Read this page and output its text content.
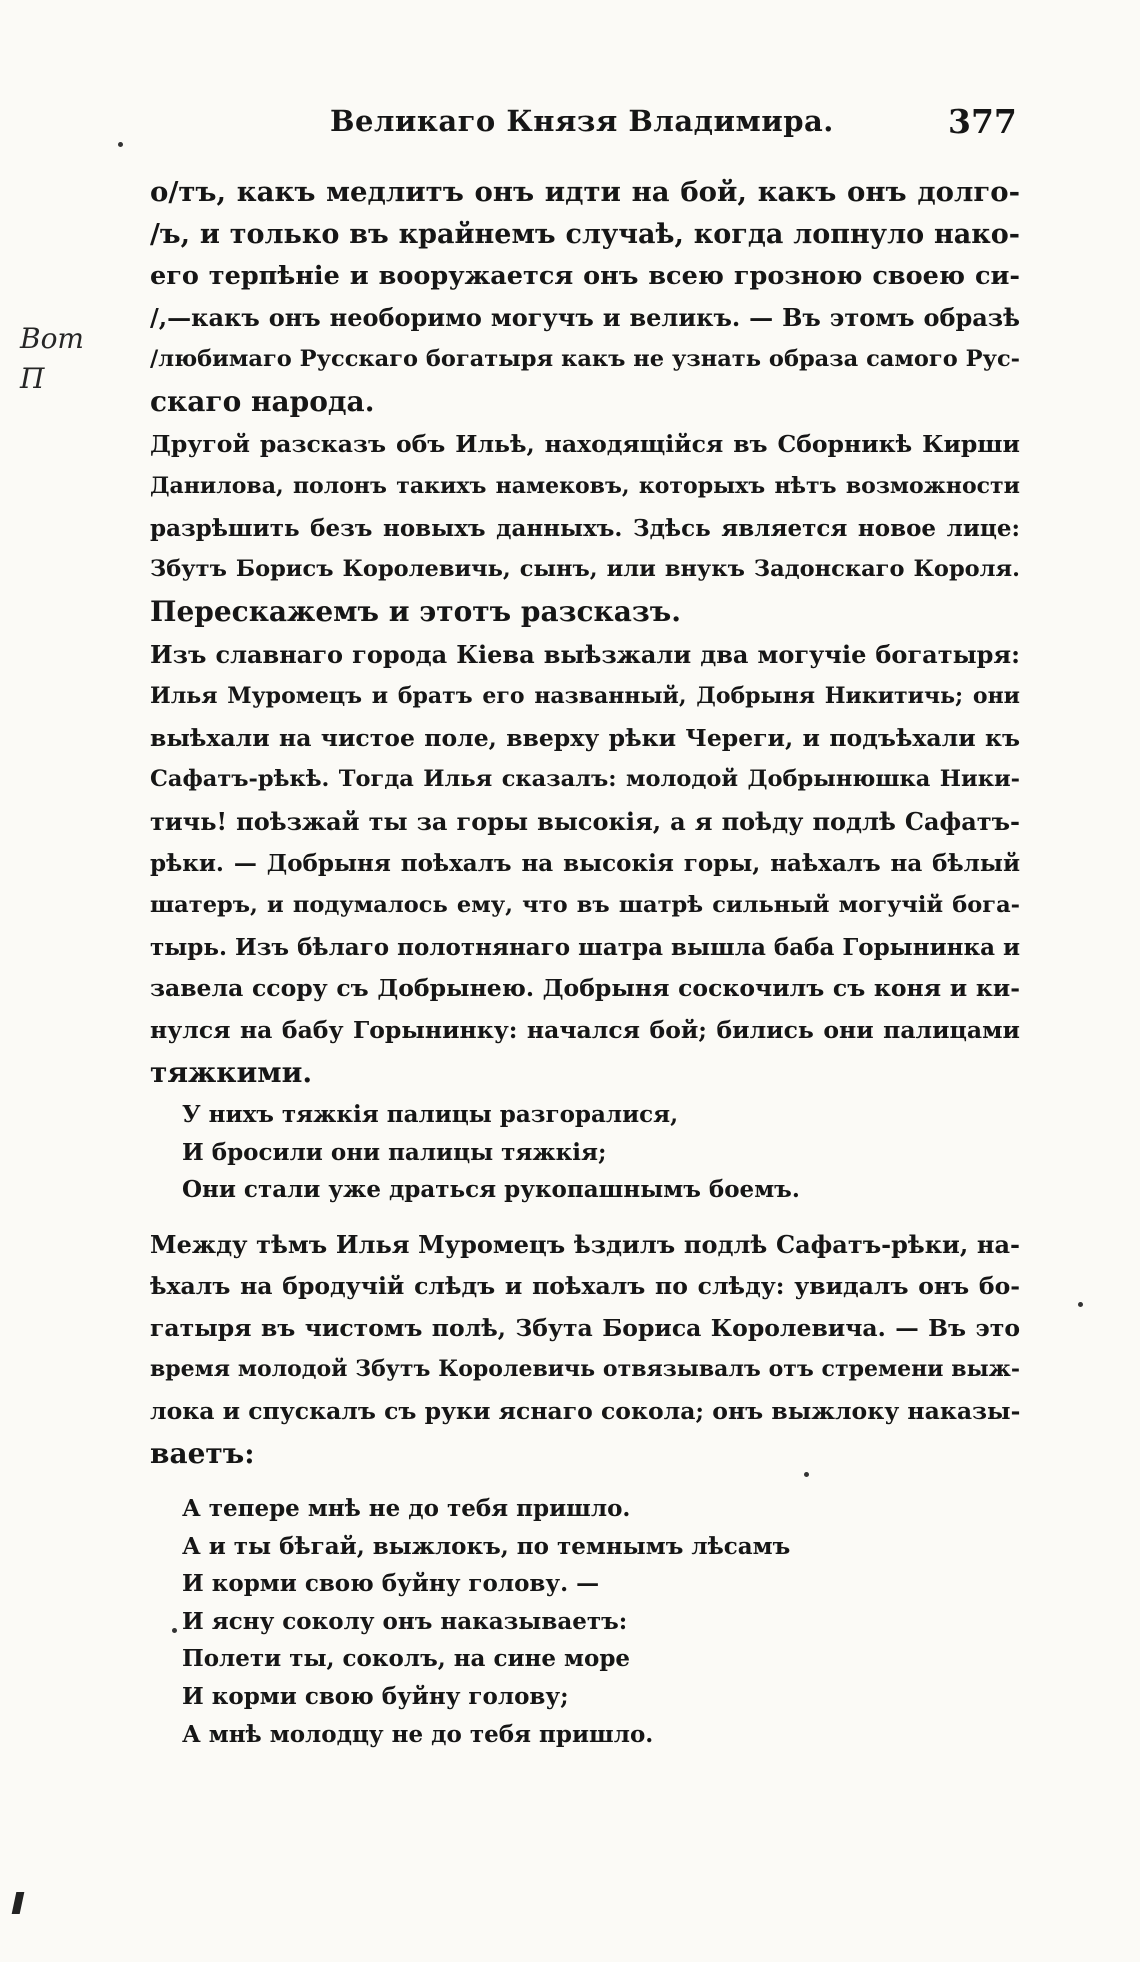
Великаго Князя Владимира.	377
Вот
П
о/тъ, какъ медлитъ онъ идти на бой, какъ онъ долго-
/ъ, и только въ крайнемъ случаѣ, когда лопнуло нако-
его терпѣніе и вооружается онъ всею грозною своею си-
/,—какъ онъ необоримо могучъ и великъ. — Въ этомъ образѣ
/любимаго Русскаго богатыря какъ не узнать образа самого Рус-
скаго народа.
Другой разсказъ объ Ильѣ, находящійся въ Сборникѣ Кирши
Данилова, полонъ такихъ намековъ, которыхъ нѣтъ возможности
разрѣшить безъ новыхъ данныхъ. Здѣсь является новое лице:
Збутъ Борисъ Королевичь, сынъ, или внукъ Задонскаго Короля.
Перескажемъ и этотъ разсказъ.
Изъ славнаго города Кіева выѣзжали два могучіе богатыря:
Илья Муромецъ и братъ его названный, Добрыня Никитичь; они
выѣхали на чистое поле, вверху рѣки Череги, и подъѣхали къ
Сафатъ-рѣкѣ. Тогда Илья сказалъ: молодой Добрынюшка Ники-
тичь! поѣзжай ты за горы высокія, а я поѣду подлѣ Сафатъ-
рѣки. — Добрыня поѣхалъ на высокія горы, наѣхалъ на бѣлый
шатеръ, и подумалось ему, что въ шатрѣ сильный могучій бога-
тырь. Изъ бѣлаго полотнянаго шатра вышла баба Горынинка и
завела ссору съ Добрынею. Добрыня соскочилъ съ коня и ки-
нулся на бабу Горынинку: начался бой; бились они палицами
тяжкими.
У нихъ тяжкія палицы разгоралися,
И бросили они палицы тяжкія;
Они стали уже драться рукопашнымъ боемъ.
Между тѣмъ Илья Муромецъ ѣздилъ подлѣ Сафатъ-рѣки, на-
ѣхалъ на бродучій слѣдъ и поѣхалъ по слѣду: увидалъ онъ бо-
гатыря въ чистомъ полѣ, Збута Бориса Королевича. — Въ это
время молодой Збутъ Королевичь отвязывалъ отъ стремени выж-
лока и спускалъ съ руки яснаго сокола; онъ выжлоку наказы-
ваетъ:
А тепере мнѣ не до тебя пришло.
А и ты бѣгай, выжлокъ, по темнымъ лѣсамъ
И корми свою буйну голову. —
И ясну соколу онъ наказываетъ:
Полети ты, соколъ, на сине море
И корми свою буйну голову;
А мнѣ молодцу не до тебя пришло.
